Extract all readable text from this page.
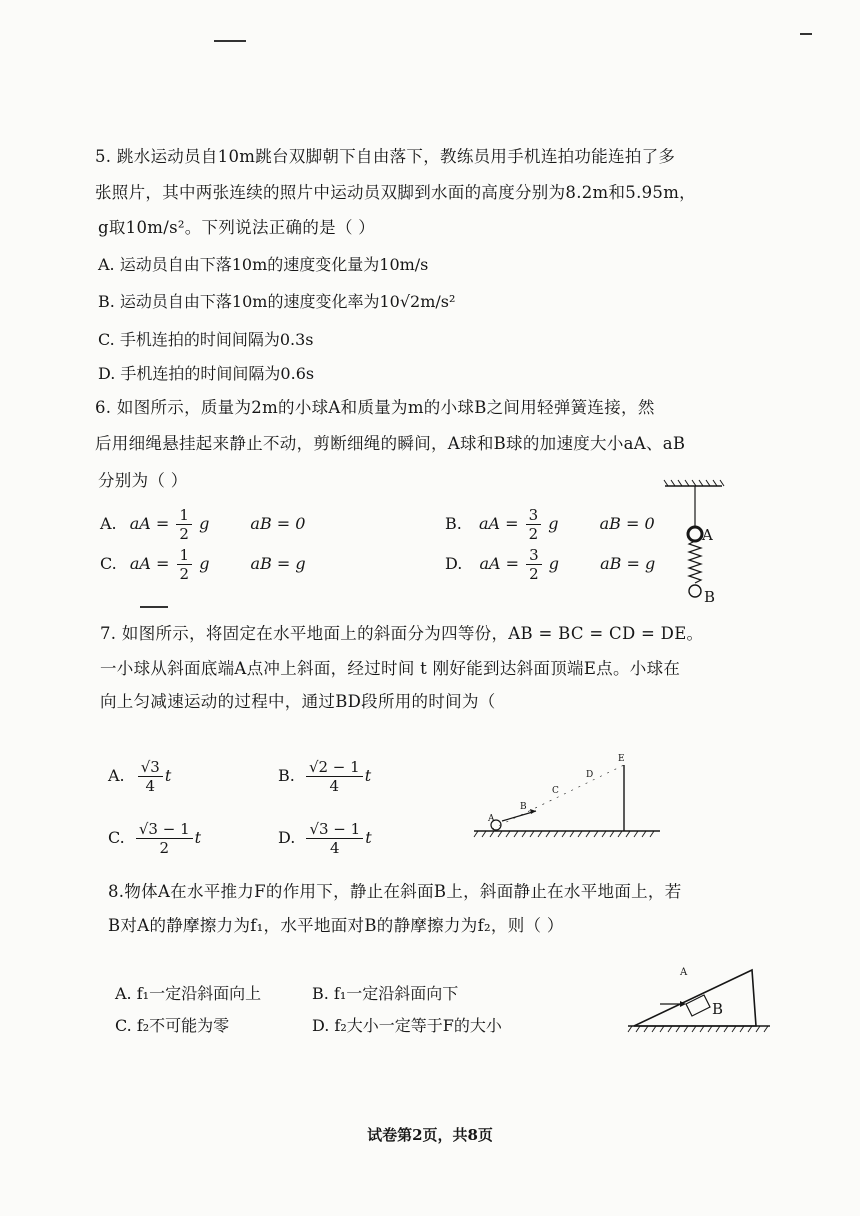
5. 跳水运动员自10m跳台双脚朝下自由落下，教练员用手机连拍功能连拍了多
张照片，其中两张连续的照片中运动员双脚到水面的高度分别为8.2m和5.95m，
g取10m/s²。下列说法正确的是（ ）
A. 运动员自由下落10m的速度变化量为10m/s
B. 运动员自由下落10m的速度变化率为10√2m/s²
C. 手机连拍的时间间隔为0.3s
D. 手机连拍的时间间隔为0.6s
6. 如图所示，质量为2m的小球A和质量为m的小球B之间用轻弹簧连接，然
后用细绳悬挂起来静止不动，剪断细绳的瞬间，A球和B球的加速度大小aA、aB
分别为（ ）
A. aA = $\frac{1}{2}$ g	aB = 0	B. aA = $\frac{3}{2}$ g	aB = 0
C. aA = $\frac{1}{2}$ g	aB = g	D. aA = $\frac{3}{2}$ g	aB = g
A
B
7. 如图所示，将固定在水平地面上的斜面分为四等份，AB = BC = CD = DE。
一小球从斜面底端A点冲上斜面，经过时间 t 刚好能到达斜面顶端E点。小球在
向上匀减速运动的过程中，通过BD段所用的时间为（
A. $\frac{√3}{4}$ t	B. $\frac{√2 - 1}{4}$ t
C. $\frac{√3 - 1}{2}$ t	D. $\frac{√3 - 1}{4}$ t
A
B
C
D
E
8.物体A在水平推力F的作用下，静止在斜面B上，斜面静止在水平地面上，若
B对A的静摩擦力为f₁，水平地面对B的静摩擦力为f₂，则（ ）
A. f₁一定沿斜面向上	B. f₁一定沿斜面向下
C. f₂不可能为零	D. f₂大小一定等于F的大小
A
B
试卷第2页，共8页
